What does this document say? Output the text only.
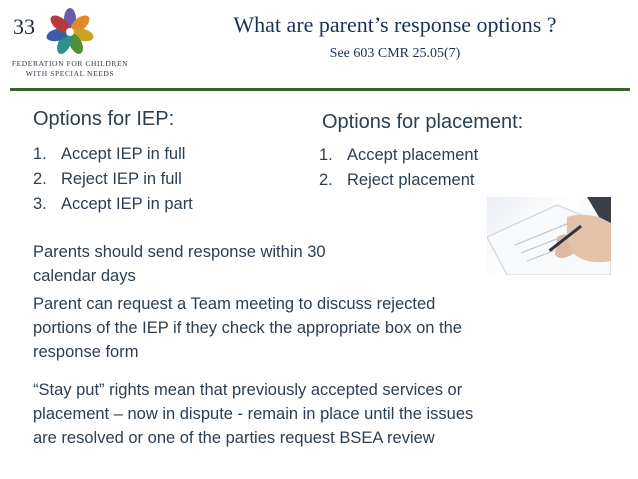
33
FEDERATION FOR CHILDREN
WITH SPECIAL NEEDS
What are parent’s response options ?
See 603 CMR 25.05(7)
Options for IEP:
1. Accept IEP in full
2. Reject IEP in full
3. Accept IEP in part
Options for placement:
1. Accept placement
2. Reject placement
Parents should send response within 30
calendar days
Parent can request a Team meeting to discuss rejected
portions of the IEP if they check the appropriate box on the
response form
“Stay put” rights mean that previously accepted services or
placement – now in dispute - remain in place until the issues
are resolved or one of the parties request BSEA review
